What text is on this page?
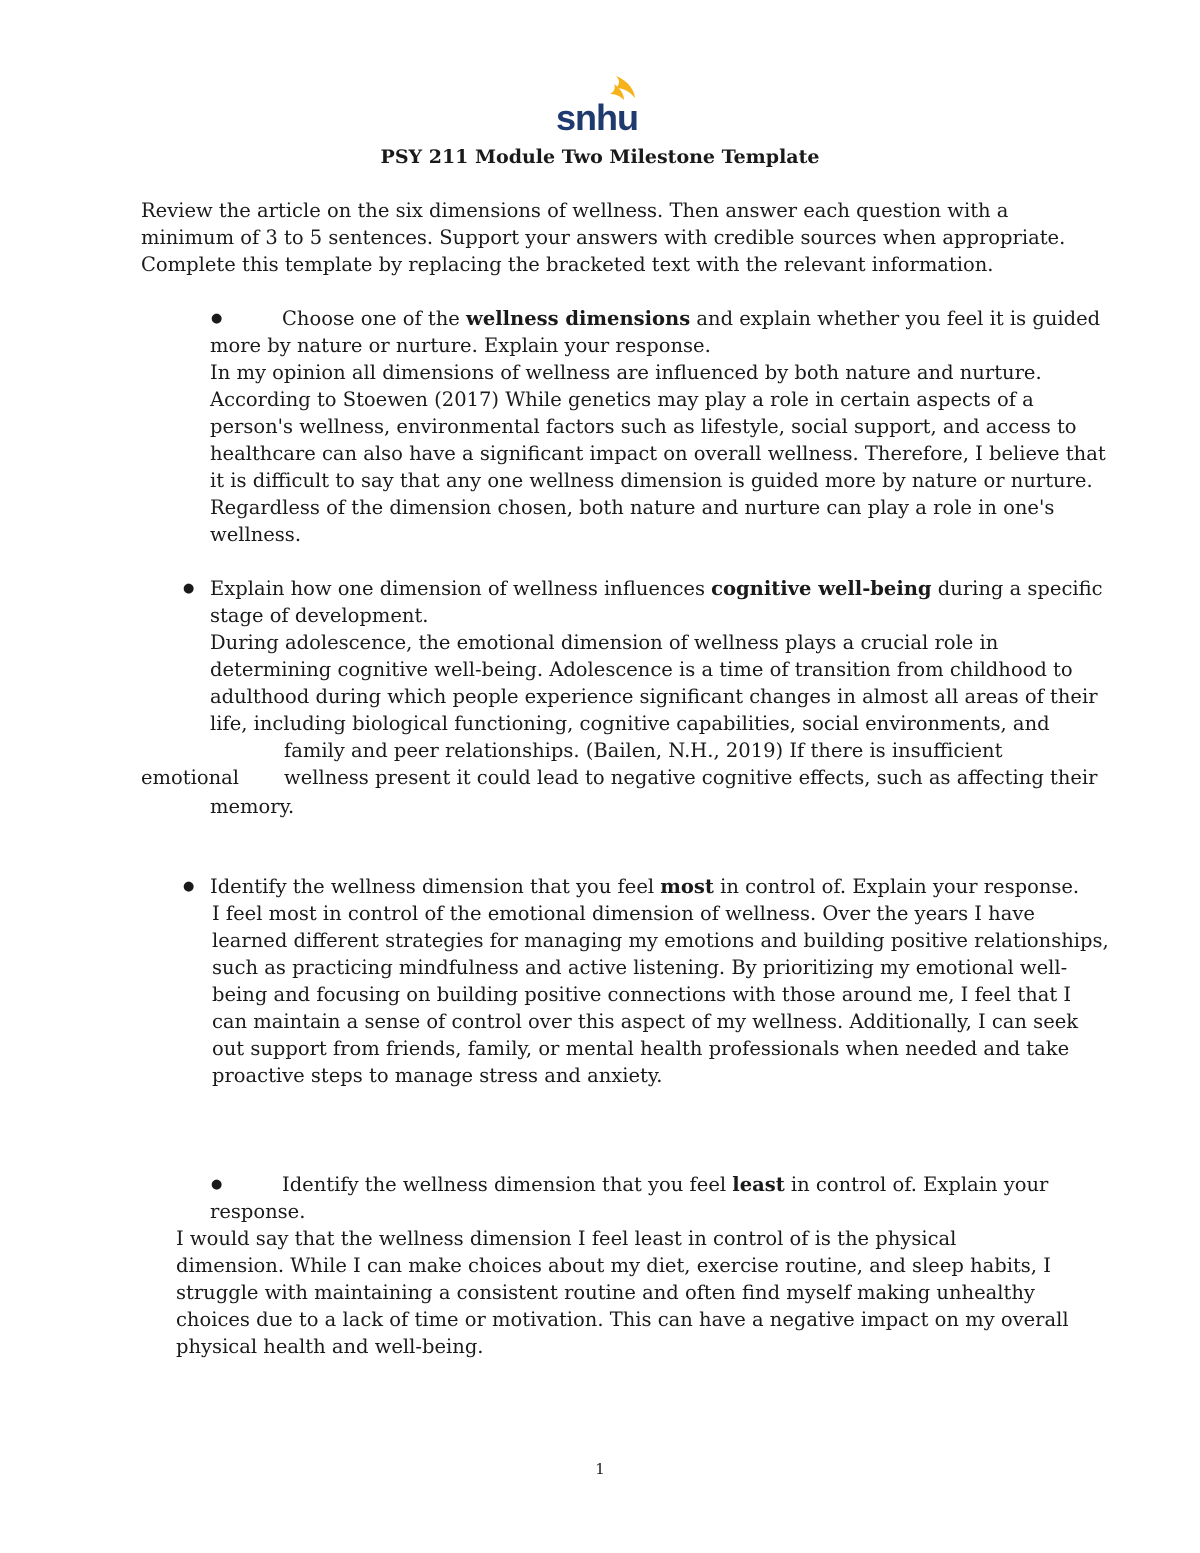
snhu
PSY 211 Module Two Milestone Template
Review the article on the six dimensions of wellness. Then answer each question with a
minimum of 3 to 5 sentences. Support your answers with credible sources when appropriate.
Complete this template by replacing the bracketed text with the relevant information.
●	Choose one of the wellness dimensions and explain whether you feel it is guided
more by nature or nurture. Explain your response.
In my opinion all dimensions of wellness are influenced by both nature and nurture.
According to Stoewen (2017) While genetics may play a role in certain aspects of a
person's wellness, environmental factors such as lifestyle, social support, and access to
healthcare can also have a significant impact on overall wellness. Therefore, I believe that
it is difficult to say that any one wellness dimension is guided more by nature or nurture.
Regardless of the dimension chosen, both nature and nurture can play a role in one's
wellness.
● Explain how one dimension of wellness influences cognitive well-being during a specific
stage of development.
During adolescence, the emotional dimension of wellness plays a crucial role in
determining cognitive well-being. Adolescence is a time of transition from childhood to
adulthood during which people experience significant changes in almost all areas of their
life, including biological functioning, cognitive capabilities, social environments, and
family and peer relationships. (Bailen, N.H., 2019) If there is insufficient
emotional wellness present it could lead to negative cognitive effects, such as affecting their
memory.
● Identify the wellness dimension that you feel most in control of. Explain your response.
I feel most in control of the emotional dimension of wellness. Over the years I have
learned different strategies for managing my emotions and building positive relationships,
such as practicing mindfulness and active listening. By prioritizing my emotional well-
being and focusing on building positive connections with those around me, I feel that I
can maintain a sense of control over this aspect of my wellness. Additionally, I can seek
out support from friends, family, or mental health professionals when needed and take
proactive steps to manage stress and anxiety.
●	Identify the wellness dimension that you feel least in control of. Explain your
response.
I would say that the wellness dimension I feel least in control of is the physical
dimension. While I can make choices about my diet, exercise routine, and sleep habits, I
struggle with maintaining a consistent routine and often find myself making unhealthy
choices due to a lack of time or motivation. This can have a negative impact on my overall
physical health and well-being.
1
